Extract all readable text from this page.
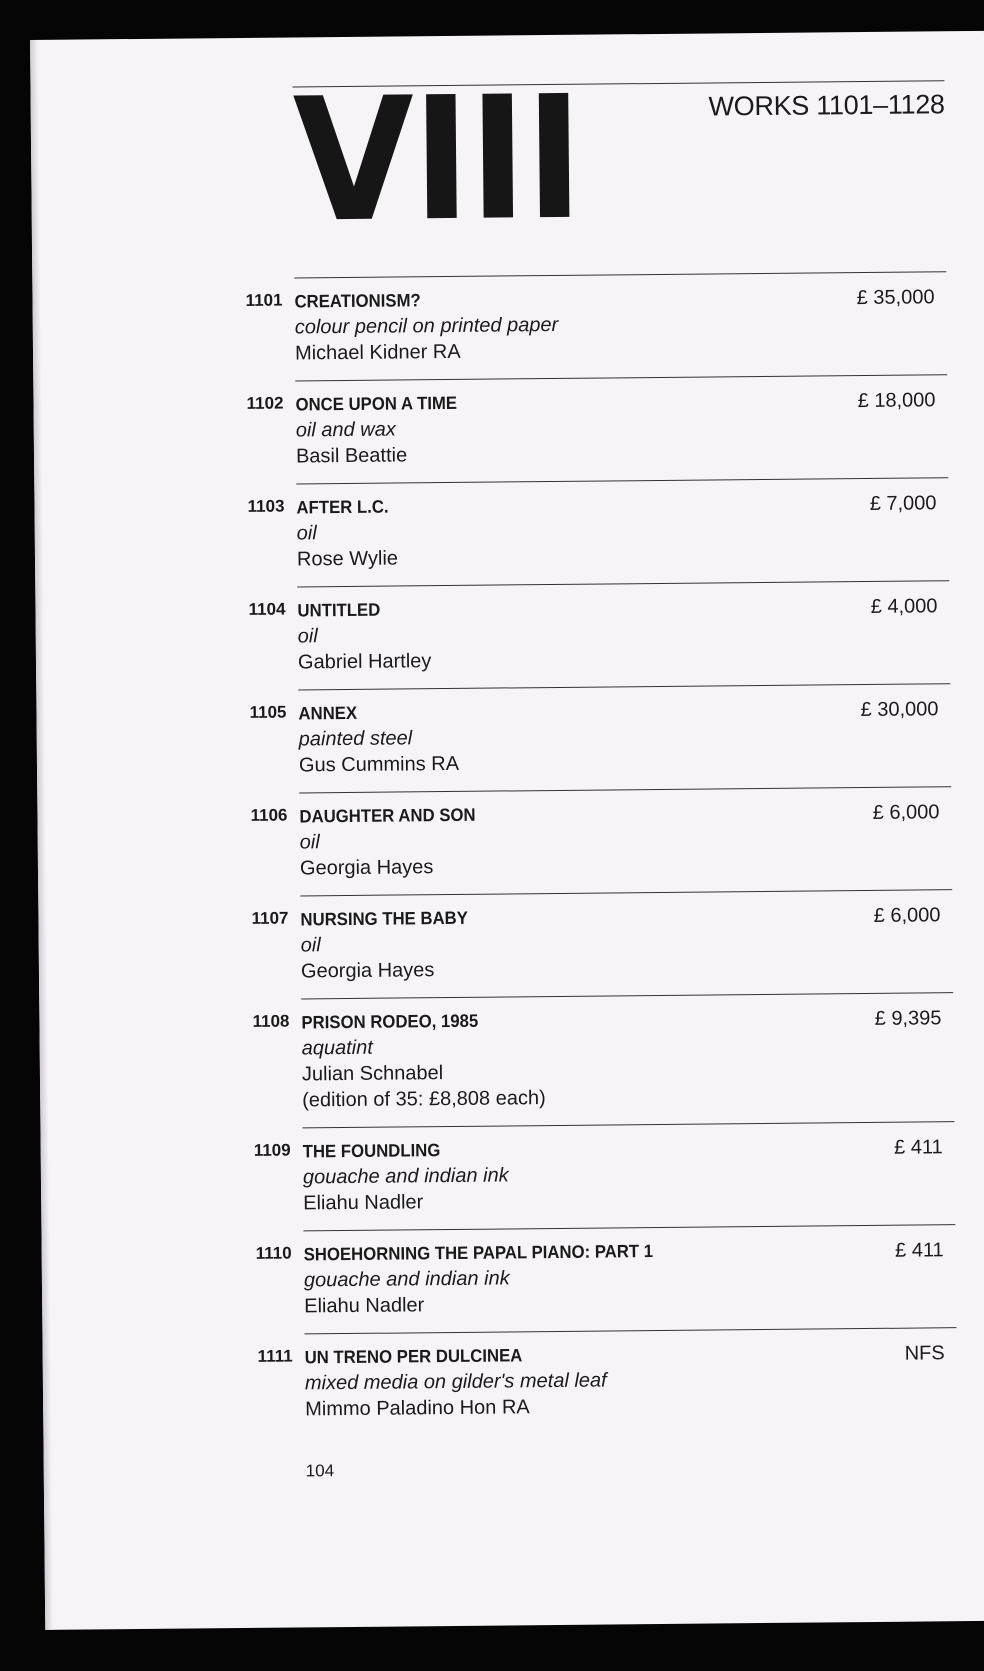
VIII	WORKS 1101–1128
1101 CREATIONISM?
colour pencil on printed paper
Michael Kidner RA
£ 35,000
1102 ONCE UPON A TIME
oil and wax
Basil Beattie
£ 18,000
1103 AFTER L.C.
oil
Rose Wylie
£ 7,000
1104 UNTITLED
oil
Gabriel Hartley
£ 4,000
1105 ANNEX
painted steel
Gus Cummins RA
£ 30,000
1106 DAUGHTER AND SON
oil
Georgia Hayes
£ 6,000
1107 NURSING THE BABY
oil
Georgia Hayes
£ 6,000
1108 PRISON RODEO, 1985
aquatint
Julian Schnabel
(edition of 35: £8,808 each)
£ 9,395
1109 THE FOUNDLING
gouache and indian ink
Eliahu Nadler
£ 411
1110 SHOEHORNING THE PAPAL PIANO: PART 1
gouache and indian ink
Eliahu Nadler
£ 411
1111 UN TRENO PER DULCINEA
mixed media on gilder's metal leaf
Mimmo Paladino Hon RA
NFS
104
